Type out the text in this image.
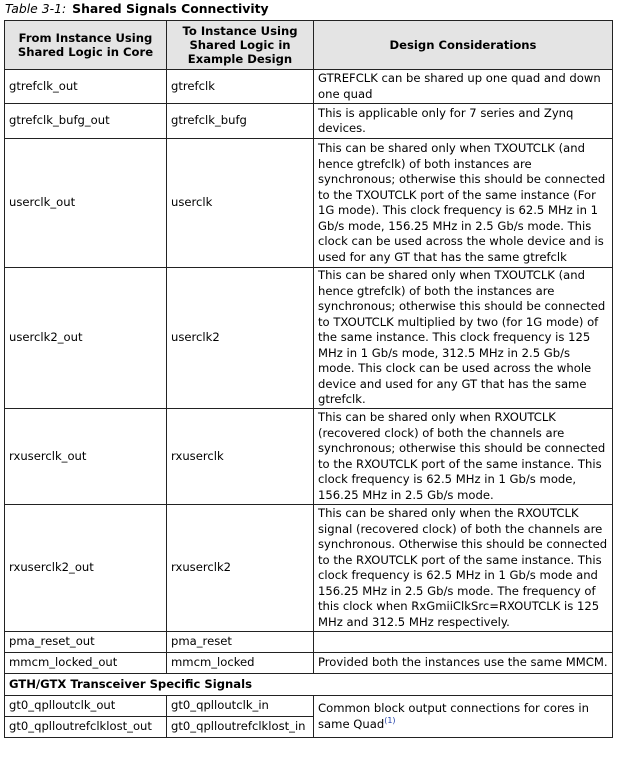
Table 3-1: Shared Signals Connectivity
From Instance Using Shared Logic in Core	To Instance Using Shared Logic in Example Design	Design Considerations
gtrefclk_out	gtrefclk	GTREFCLK can be shared up one quad and down one quad
gtrefclk_bufg_out	gtrefclk_bufg	This is applicable only for 7 series and Zynq devices.
userclk_out	userclk	This can be shared only when TXOUTCLK (and hence gtrefclk) of both instances are synchronous; otherwise this should be connected to the TXOUTCLK port of the same instance (For 1G mode). This clock frequency is 62.5 MHz in 1 Gb/s mode, 156.25 MHz in 2.5 Gb/s mode. This clock can be used across the whole device and is used for any GT that has the same gtrefclk
userclk2_out	userclk2	This can be shared only when TXOUTCLK (and hence gtrefclk) of both the instances are synchronous; otherwise this should be connected to TXOUTCLK multiplied by two (for 1G mode) of the same instance. This clock frequency is 125 MHz in 1 Gb/s mode, 312.5 MHz in 2.5 Gb/s mode. This clock can be used across the whole device and used for any GT that has the same gtrefclk.
rxuserclk_out	rxuserclk	This can be shared only when RXOUTCLK (recovered clock) of both the channels are synchronous; otherwise this should be connected to the RXOUTCLK port of the same instance. This clock frequency is 62.5 MHz in 1 Gb/s mode, 156.25 MHz in 2.5 Gb/s mode.
rxuserclk2_out	rxuserclk2	This can be shared only when the RXOUTCLK signal (recovered clock) of both the channels are synchronous. Otherwise this should be connected to the RXOUTCLK port of the same instance. This clock frequency is 62.5 MHz in 1 Gb/s mode and 156.25 MHz in 2.5 Gb/s mode. The frequency of this clock when RxGmiiClkSrc=RXOUTCLK is 125 MHz and 312.5 MHz respectively.
pma_reset_out	pma_reset	
mmcm_locked_out	mmcm_locked	Provided both the instances use the same MMCM.
GTH/GTX Transceiver Specific Signals		
gt0_qplloutclk_out	gt0_qplloutclk_in	Common block output connections for cores in same Quad$^{(1)}$
gt0_qplloutrefclklost_out	gt0_qplloutrefclklost_in	
